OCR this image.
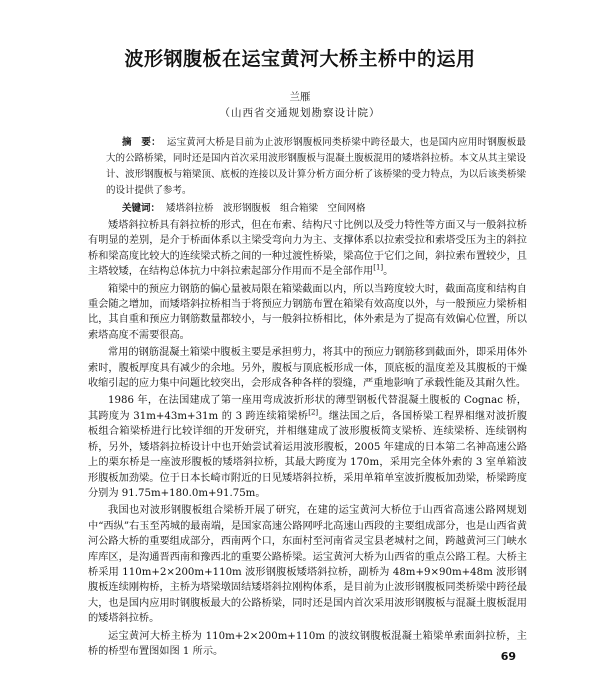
波形钢腹板在运宝黄河大桥主桥中的运用
兰雁
（山西省交通规划勘察设计院）
摘　要： 运宝黄河大桥是目前为止波形钢腹板同类桥梁中跨径最大，也是国内应用时钢腹板最大的公路桥梁，同时还是国内首次采用波形钢腹板与混凝土腹板混用的矮塔斜拉桥。本文从其主梁设计、波形钢腹板与箱梁顶、底板的连接以及计算分析方面分析了该桥梁的受力特点，为以后该类桥梁的设计提供了参考。
关键词： 矮塔斜拉桥　波形钢腹板　组合箱梁　空间网格

矮塔斜拉桥具有斜拉桥的形式，但在布索、结构尺寸比例以及受力特性等方面又与一般斜拉桥有明显的差别，是介于桥面体系以主梁受弯向力为主、支撑体系以拉索受拉和索塔受压为主的斜拉桥和梁高度比较大的连续梁式桥之间的一种过渡性桥梁，梁高位于它们之间，斜拉索布置较少，且主塔较矮，在结构总体抗力中斜拉索起部分作用而不是全部作用[1]。

箱梁中的预应力钢筋的偏心量被局限在箱梁截面以内，所以当跨度较大时，截面高度和结构自重会随之增加，而矮塔斜拉桥相当于将预应力钢筋布置在箱梁有效高度以外，与一般预应力梁桥相比，其自重和预应力钢筋数量都较小，与一般斜拉桥相比，体外索是为了提高有效偏心位置，所以索塔高度不需要很高。

常用的钢筋混凝土箱梁中腹板主要是承担剪力，将其中的预应力钢筋移到截面外，即采用体外索时，腹板厚度具有减少的余地。另外，腹板与顶底板形成一体，顶底板的温度差及其腹板的干燥收缩引起的应力集中问题比较突出，会形成各种各样的裂缝，严重地影响了承载性能及其耐久性。

1986 年，在法国建成了第一座用弯成波折形状的薄型钢板代替混凝土腹板的 Cognac 桥，其跨度为 31m+43m+31m 的 3 跨连续箱梁桥[2]。继法国之后，各国桥梁工程界相继对波折腹板组合箱梁桥进行比较详细的开发研究，并相继建成了波形腹板简支梁桥、连续梁桥、连续钢构桥，另外，矮塔斜拉桥设计中也开始尝试着运用波形腹板，2005 年建成的日本第二名神高速公路上的栗东桥是一座波形腹板的矮塔斜拉桥，其最大跨度为 170m，采用完全体外索的 3 室单箱波形腹板加劲梁。位于日本长崎市附近的日见矮塔斜拉桥，采用单箱单室波折腹板加劲梁，桥梁跨度分别为 91.75m+180.0m+91.75m。

我国也对波形钢腹板组合梁桥开展了研究，在建的运宝黄河大桥位于山西省高速公路网规划中“西纵”右玉至芮城的最南端，是国家高速公路网呼北高速山西段的主要组成部分，也是山西省黄河公路大桥的重要组成部分，西南两个口，东面村至河南省灵宝县老城村之间，跨越黄河三门峡水库库区，是沟通晋西南和豫西北的重要公路桥梁。运宝黄河大桥为山西省的重点公路工程。大桥主桥采用 110m+2×200m+110m 波形钢腹板矮塔斜拉桥，副桥为 48m+9×90m+48m 波形钢腹板连续刚构桥，主桥为塔梁墩固结矮塔斜拉刚构体系，是目前为止波形钢腹板同类桥梁中跨径最大，也是国内应用时钢腹板最大的公路桥梁，同时还是国内首次采用波形钢腹板与混凝土腹板混用的矮塔斜拉桥。

运宝黄河大桥主桥为 110m+2×200m+110m 的波纹钢腹板混凝土箱梁单索面斜拉桥，主桥的桥型布置图如图 1 所示。	69
